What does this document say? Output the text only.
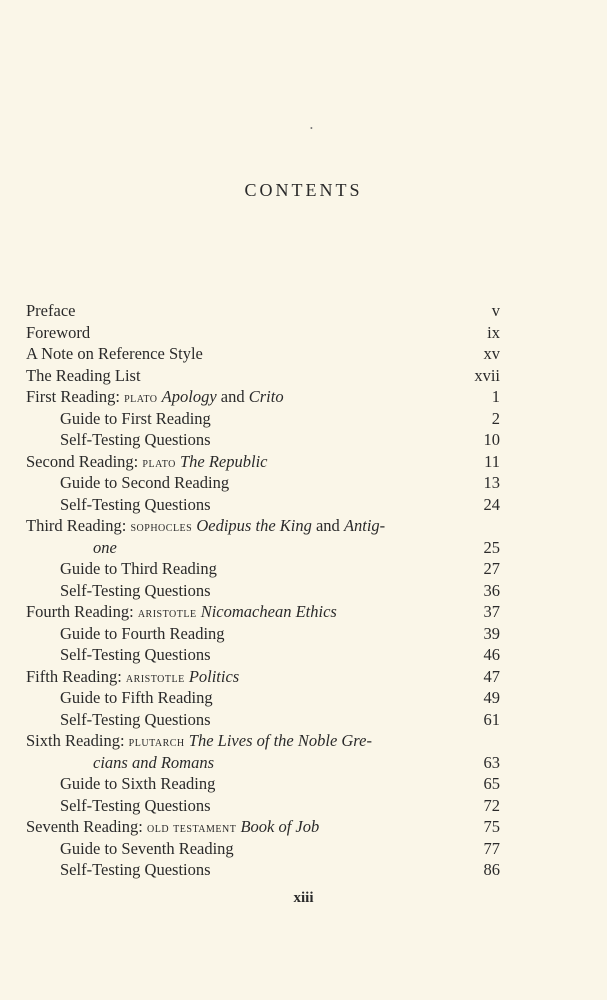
•
CONTENTS
Preface	v
Foreword	ix
A Note on Reference Style	xv
The Reading List	xvii
First Reading: plato Apology and Crito	1
Guide to First Reading	2
Self-Testing Questions	10
Second Reading: plato The Republic	11
Guide to Second Reading	13
Self-Testing Questions	24
Third Reading: sophocles Oedipus the King and Antig-
one	25
Guide to Third Reading	27
Self-Testing Questions	36
Fourth Reading: aristotle Nicomachean Ethics	37
Guide to Fourth Reading	39
Self-Testing Questions	46
Fifth Reading: aristotle Politics	47
Guide to Fifth Reading	49
Self-Testing Questions	61
Sixth Reading: plutarch The Lives of the Noble Gre-
cians and Romans	63
Guide to Sixth Reading	65
Self-Testing Questions	72
Seventh Reading: old testament Book of Job	75
Guide to Seventh Reading	77
Self-Testing Questions	86
xiii
